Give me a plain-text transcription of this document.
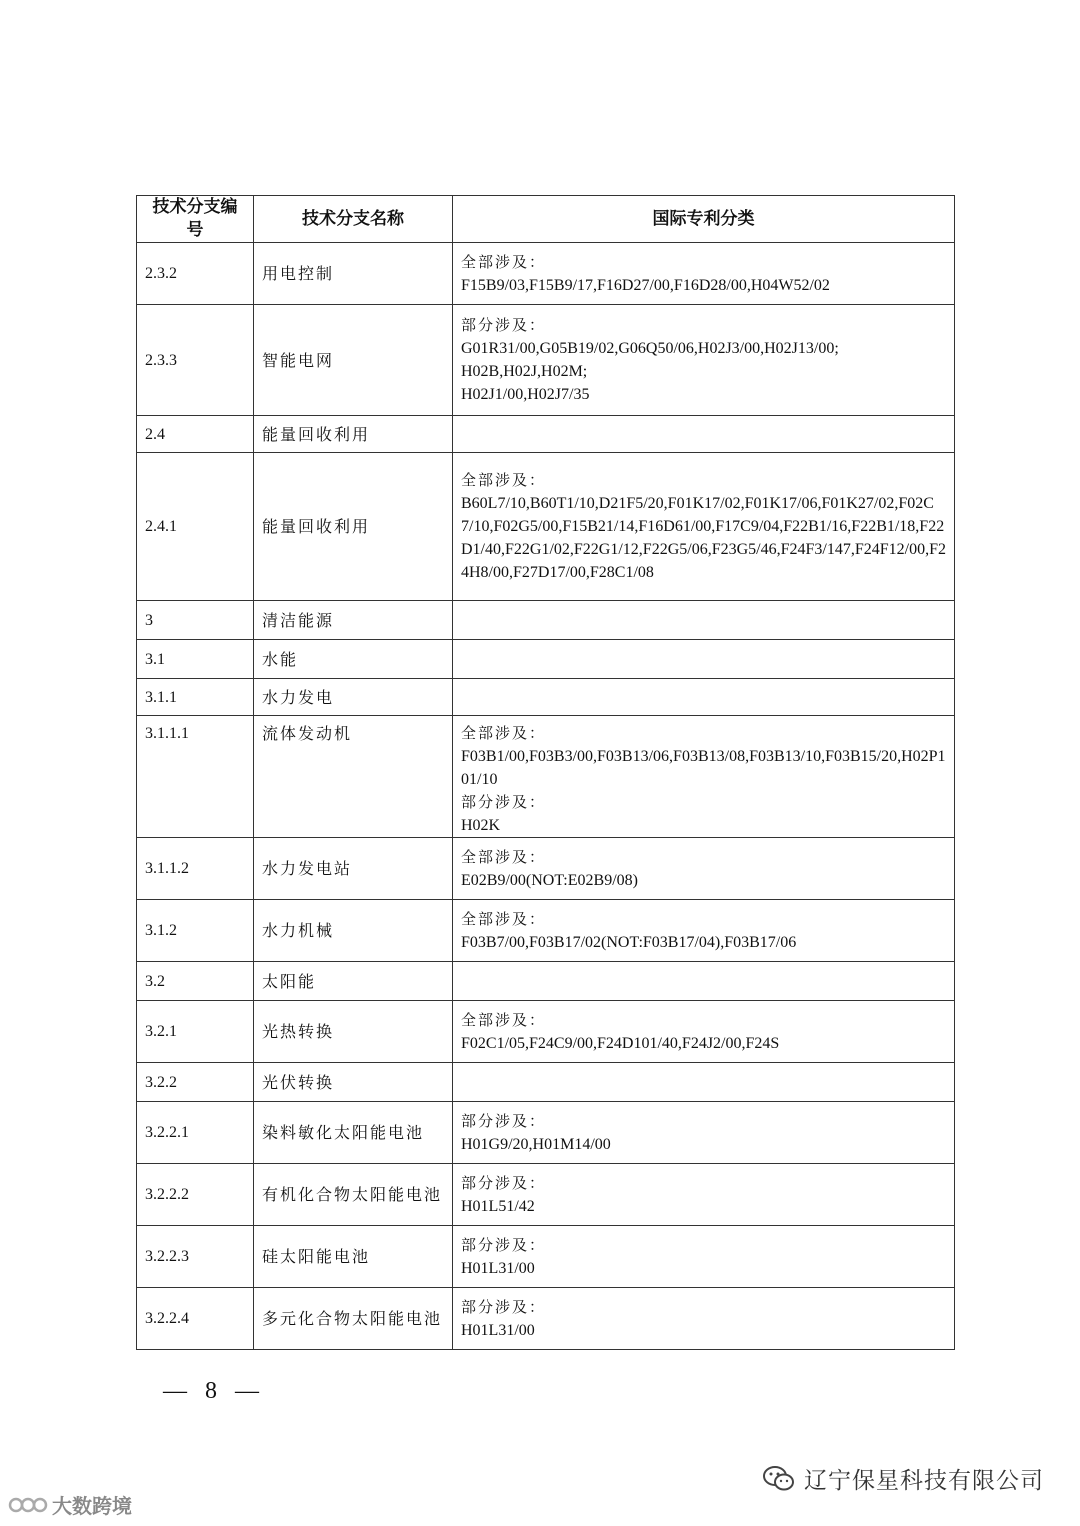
技术分支编号	技术分支名称	国际专利分类
2.3.2	用电控制	全部涉及：
F15B9/03,F15B9/17,F16D27/00,F16D28/00,H04W52/02

2.3.3	智能电网	部分涉及：
G01R31/00,G05B19/02,G06Q50/06,H02J3/00,H02J13/00;
H02B,H02J,H02M;
H02J1/00,H02J7/35

2.4	能量回收利用	
2.4.1	能量回收利用	全部涉及：
B60L7/10,B60T1/10,D21F5/20,F01K17/02,F01K17/06,F01K27/02,F02C7/10,F02G5/00,F15B21/14,F16D61/00,F17C9/04,F22B1/16,F22B1/18,F22D1/40,F22G1/02,F22G1/12,F22G5/06,F23G5/46,F24F3/147,F24F12/00,F24H8/00,F27D17/00,F28C1/08

3	清洁能源	
3.1	水能	
3.1.1	水力发电	
3.1.1.1	流体发动机	全部涉及：
F03B1/00,F03B3/00,F03B13/06,F03B13/08,F03B13/10,F03B15/20,H02P101/10
部分涉及：
H02K

3.1.1.2	水力发电站	全部涉及：
E02B9/00(NOT:E02B9/08)

3.1.2	水力机械	全部涉及：
F03B7/00,F03B17/02(NOT:F03B17/04),F03B17/06

3.2	太阳能	
3.2.1	光热转换	全部涉及：
F02C1/05,F24C9/00,F24D101/40,F24J2/00,F24S

3.2.2	光伏转换	
3.2.2.1	染料敏化太阳能电池	部分涉及：
H01G9/20,H01M14/00

3.2.2.2	有机化合物太阳能电池	部分涉及：
H01L51/42

3.2.2.3	硅太阳能电池	部分涉及：
H01L31/00

3.2.2.4	多元化合物太阳能电池	部分涉及：
H01L31/00
— 8 —
辽宁保星科技有限公司
大数跨境
